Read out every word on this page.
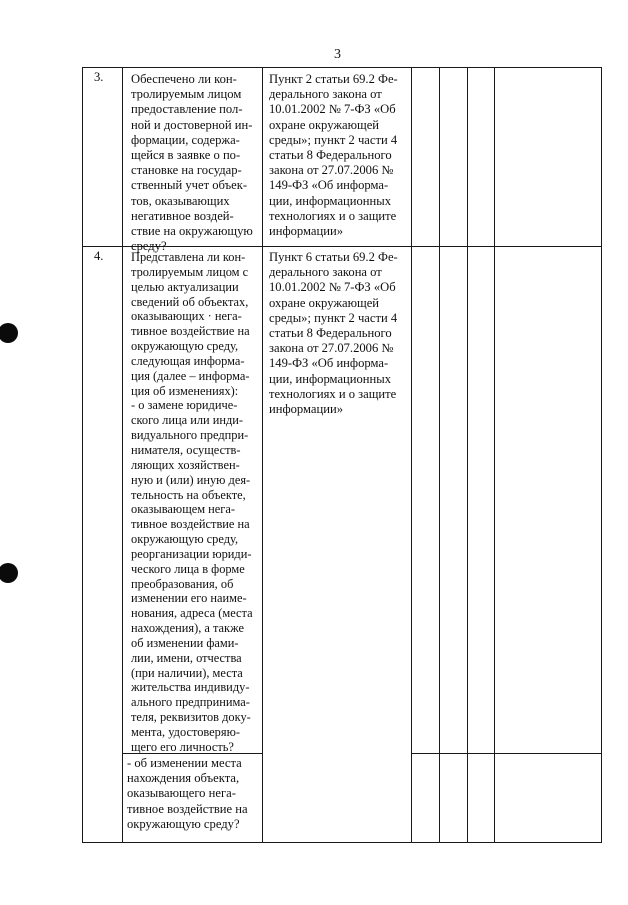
3
3. Обеспечено ли кон-
тролируемым лицом
предоставление пол-
ной и достоверной ин-
формации, содержа-
щейся в заявке о по-
становке на государ-
ственный учет объек-
тов, оказывающих
негативное воздей-
ствие на окружающую
среду?
Пункт 2 статьи 69.2 Фе-
дерального закона от
10.01.2002 № 7-ФЗ «Об
охране окружающей
среды»; пункт 2 части 4
статьи 8 Федерального
закона от 27.07.2006 №
149-ФЗ «Об информа-
ции, информационных
технологиях и о защите
информации»
4. Представлена ли кон-
тролируемым лицом с
целью актуализации
сведений об объектах,
оказывающих · нега-
тивное воздействие на
окружающую среду,
следующая информа-
ция (далее – информа-
ция об изменениях):
- о замене юридиче-
ского лица или инди-
видуального предпри-
нимателя, осуществ-
ляющих хозяйствен-
ную и (или) иную дея-
тельность на объекте,
оказывающем нега-
тивное воздействие на
окружающую среду,
реорганизации юриди-
ческого лица в форме
преобразования, об
изменении его наиме-
нования, адреса (места
нахождения), а также
об изменении фами-
лии, имени, отчества
(при наличии), места
жительства индивиду-
ального предпринима-
теля, реквизитов доку-
мента, удостоверяю-
щего его личность?
Пункт 6 статьи 69.2 Фе-
дерального закона от
10.01.2002 № 7-ФЗ «Об
охране окружающей
среды»; пункт 2 части 4
статьи 8 Федерального
закона от 27.07.2006 №
149-ФЗ «Об информа-
ции, информационных
технологиях и о защите
информации»
- об изменении места
нахождения объекта,
оказывающего нега-
тивное воздействие на
окружающую среду?
